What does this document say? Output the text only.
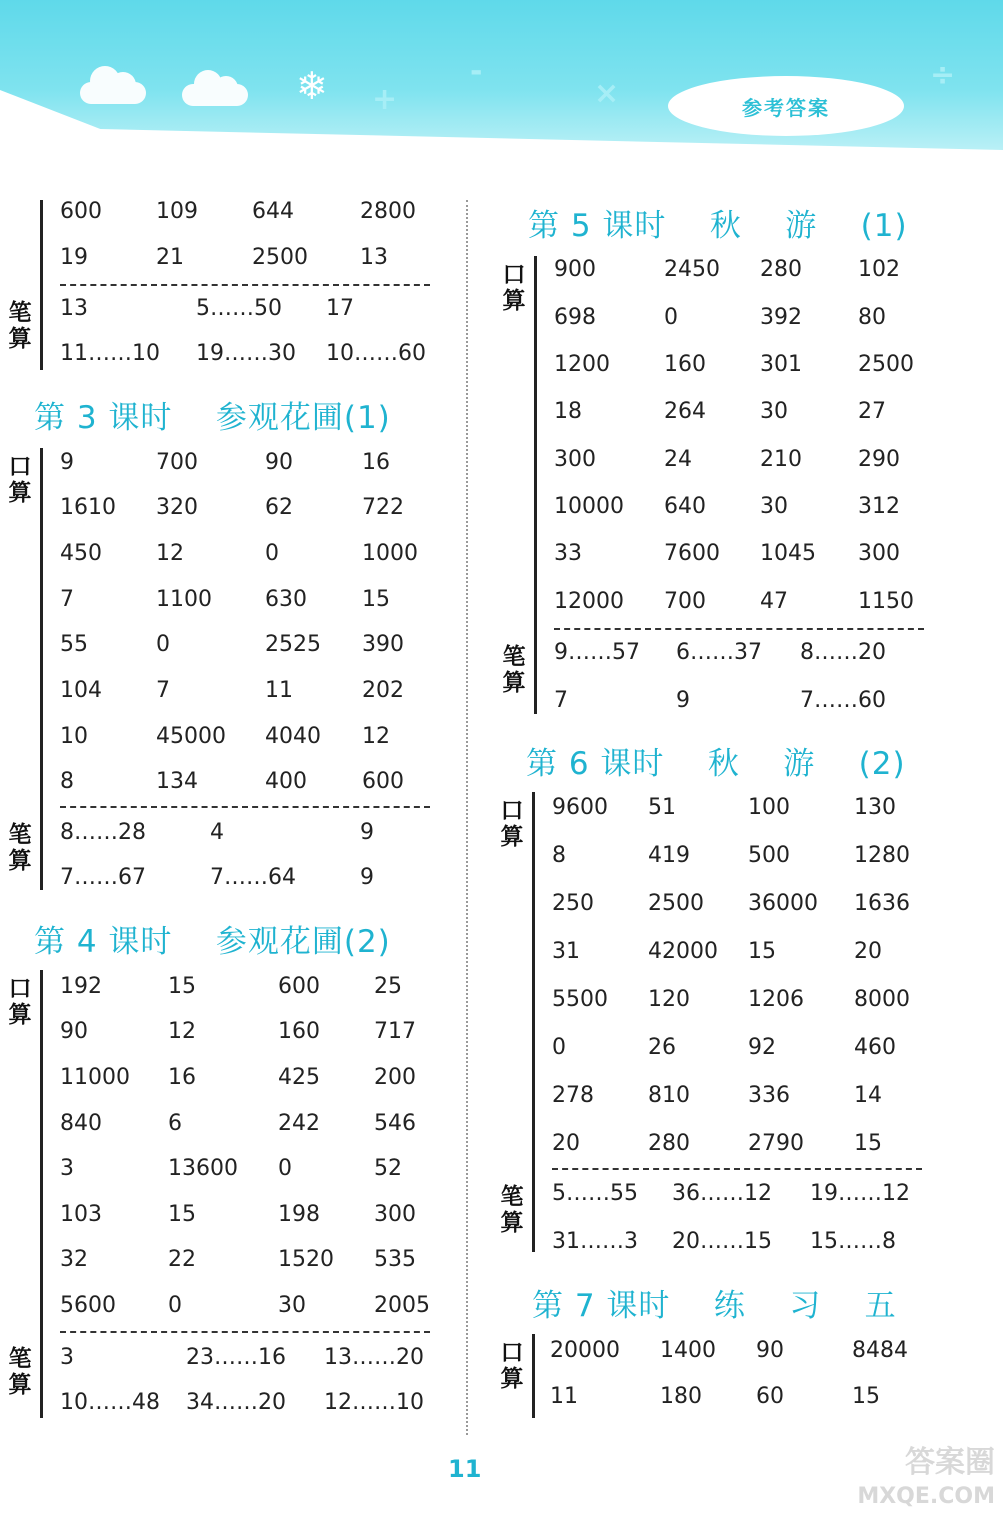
❄ +
-
×
÷
参考答案
笔算
600 109 644	2800
19	21	2500 13
13	5……50 17
11……10 19……30 10……60
第 3 课时    参观花圃(1)
口算
笔算
9	700	90	16
1610 320	62	722
450 12	0	1000
7	1100 630	15
55	0	2525 390
104 7	11	202
10	45000 4040 12
8	134	400	600
8……28	4	9
7……67	7……64	9
第 4 课时    参观花圃(2)
口算
笔算
192	15	600 25
90	12	160 717
11000 16	425 200
840	6	242 546
3	13600 0	52
103	15	198 300
32	22	1520 535
5600 0	30	2005
3	23……16 13……20
10……48 34……20 12……10
第 5 课时    秋    游    (1)
口算
笔算
900	2450 280	102
698	0	392	80
1200 160 301	2500
18	264 30	27
300	24	210	290
10000 640 30	312
33	7600 1045 300
12000 700 47	1150
9……57 6……37 8……20
7	9	7……60
第 6 课时    秋    游    (2)
口算
笔算
9600 51	100	130
8	419	500	1280
250 2500 36000 1636
31	42000 15	20
5500 120	1206 8000
0	26	92	460
278 810	336	14
20	280	2790 15
5……55 36……12 19……12
31……3 20……15 15……8
第 7 课时    练    习    五
口算
20000 1400 90	8484
11	180 60	15
11	答案圈
MXQE.COM
